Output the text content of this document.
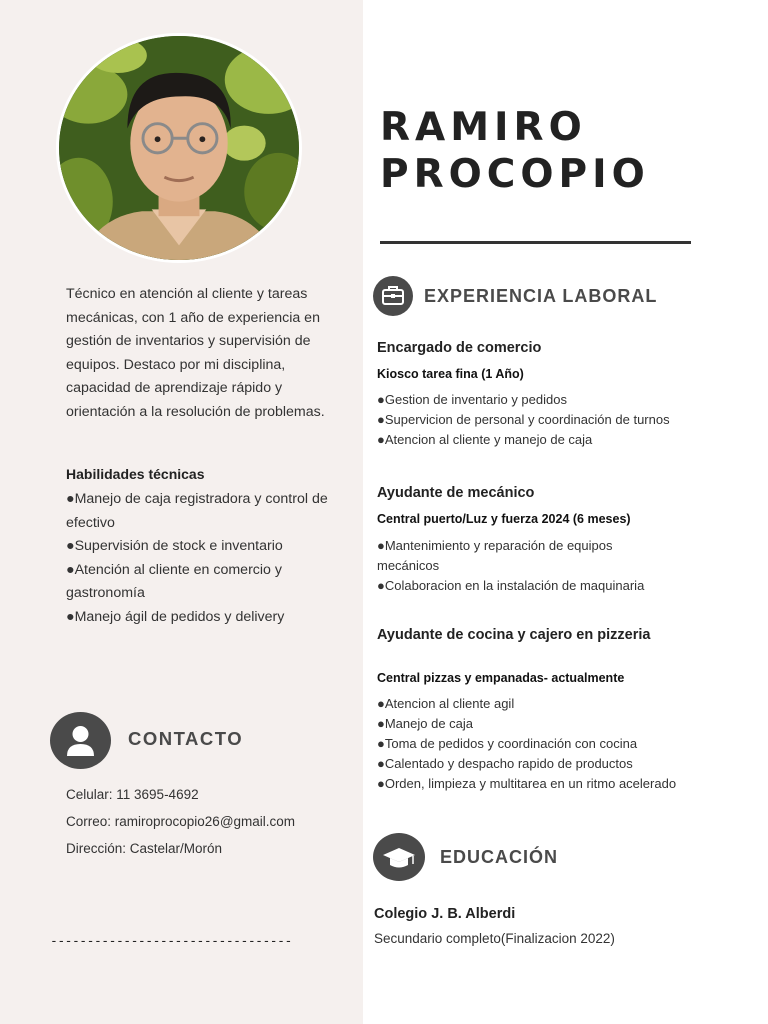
Técnico en atención al cliente y tareas mecánicas, con 1 año de experiencia en gestión de inventarios y supervisión de equipos. Destaco por mi disciplina, capacidad de aprendizaje rápido y orientación a la resolución de problemas.

Habilidades técnicas

●Manejo de caja registradora y control de efectivo
●Supervisión de stock e inventario
●Atención al cliente en comercio y gastronomía
●Manejo ágil de pedidos y delivery

CONTACTO

Celular: 11 3695-4692

Correo: ramiroprocopio26@gmail.com

Dirección: Castelar/Morón

---------------------------------

RAMIRO
PROCOPIO

EXPERIENCIA LABORAL

Encargado de comercio

Kiosco tarea fina (1 Año)

●Gestion de inventario y pedidos
●Supervicion de personal y coordinación de turnos
●Atencion al cliente y manejo de caja

Ayudante de mecánico

Central puerto/Luz y fuerza 2024 (6 meses)

●Mantenimiento y reparación de equipos mecánicos
●Colaboracion en la instalación de maquinaria

Ayudante de cocina y cajero en pizzeria

Central pizzas y empanadas- actualmente

●Atencion al cliente agil
●Manejo de caja
●Toma de pedidos y coordinación con cocina
●Calentado y despacho rapido de productos
●Orden, limpieza y multitarea en un ritmo acelerado

EDUCACIÓN

Colegio J. B. Alberdi

Secundario completo(Finalizacion 2022)
